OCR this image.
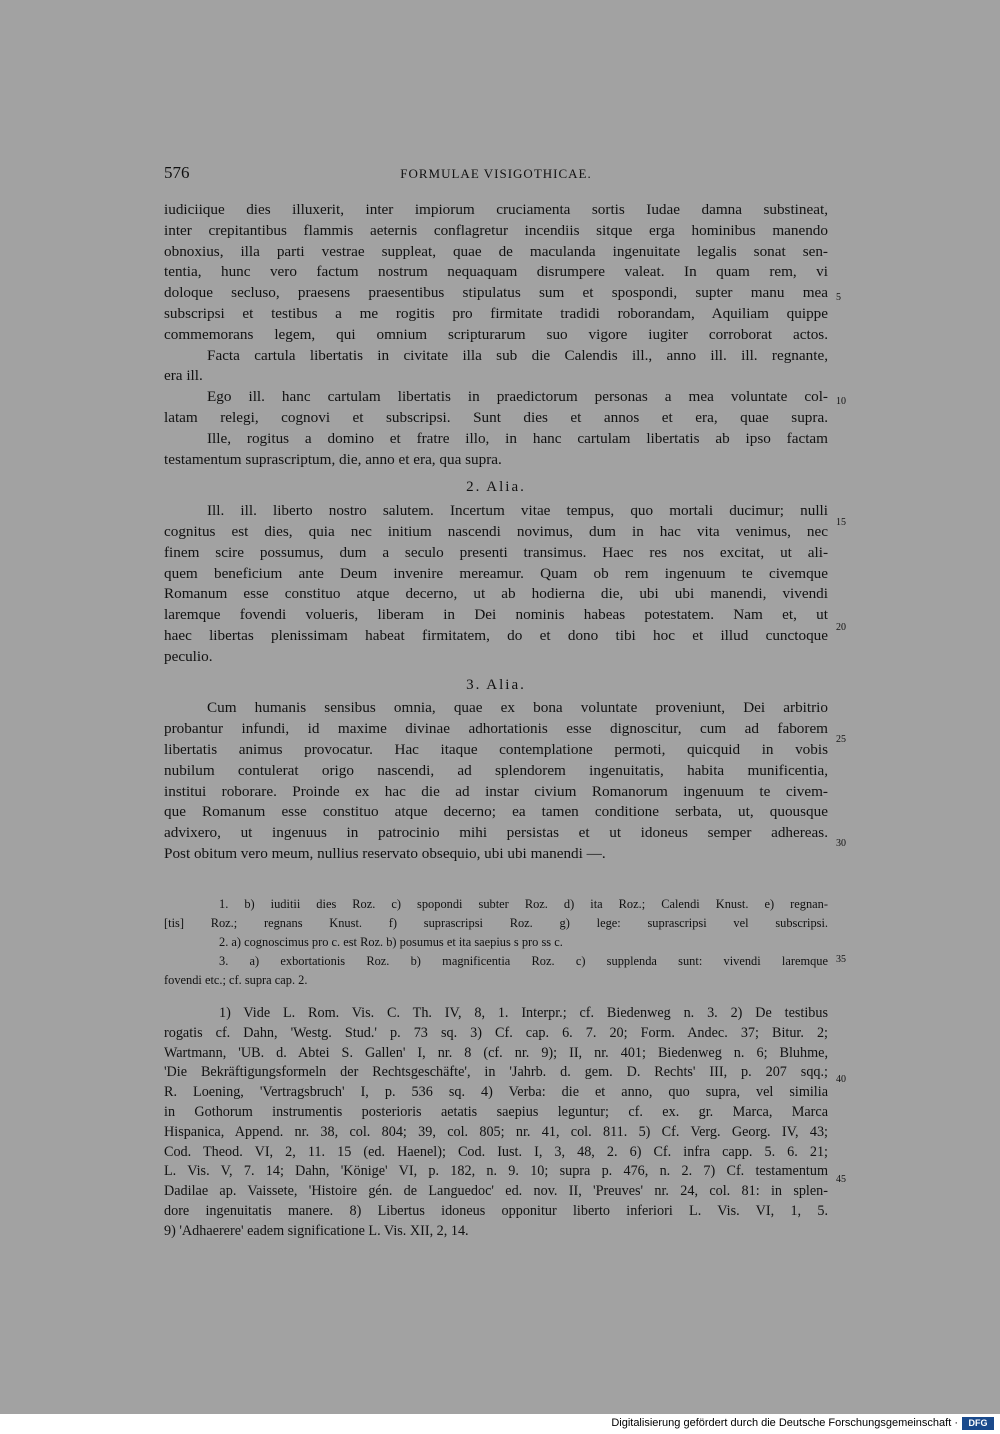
576	FORMULAE VISIGOTHICAE.
iudiciique dies illuxerit, inter impiorum cruciamenta sortis Iudae damna substineat,
inter crepitantibus flammis aeternis conflagretur incendiis sitque erga hominibus manendo
obnoxius, illa parti vestrae suppleat, quae de maculanda ingenuitate legalis sonat sen-
tentia, hunc vero factum nostrum nequaquam disrumpere valeat. In quam rem, vi
doloque secluso, praesens praesentibus stipulatus sum et spospondi, supter manu mea
subscripsi et testibus a me rogitis pro firmitate tradidi roborandam, Aquiliam quippe
commemorans legem, qui omnium scripturarum suo vigore iugiter corroborat actos.
Facta cartula libertatis in civitate illa sub die Calendis ill., anno ill. ill. regnante,
era ill.
Ego ill. hanc cartulam libertatis in praedictorum personas a mea voluntate col-
latam relegi, cognovi et subscripsi. Sunt dies et annos et era, quae supra.
Ille, rogitus a domino et fratre illo, in hanc cartulam libertatis ab ipso factam
testamentum suprascriptum, die, anno et era, qua supra.
2. Alia.
Ill. ill. liberto nostro salutem. Incertum vitae tempus, quo mortali ducimur; nulli
cognitus est dies, quia nec initium nascendi novimus, dum in hac vita venimus, nec
finem scire possumus, dum a seculo presenti transimus. Haec res nos excitat, ut ali-
quem beneficium ante Deum invenire mereamur. Quam ob rem ingenuum te civemque
Romanum esse constituo atque decerno, ut ab hodierna die, ubi ubi manendi, vivendi
laremque fovendi volueris, liberam in Dei nominis habeas potestatem. Nam et, ut
haec libertas plenissimam habeat firmitatem, do et dono tibi hoc et illud cunctoque
peculio.
3. Alia.
Cum humanis sensibus omnia, quae ex bona voluntate proveniunt, Dei arbitrio
probantur infundi, id maxime divinae adhortationis esse dignoscitur, cum ad faborem
libertatis animus provocatur. Hac itaque contemplatione permoti, quicquid in vobis
nubilum contulerat origo nascendi, ad splendorem ingenuitatis, habita munificentia,
institui roborare. Proinde ex hac die ad instar civium Romanorum ingenuum te civem-
que Romanum esse constituo atque decerno; ea tamen conditione serbata, ut, quousque
advixero, ut ingenuus in patrocinio mihi persistas et ut idoneus semper adhereas.
Post obitum vero meum, nullius reservato obsequio, ubi ubi manendi —.
5
10
15
20
25
30
35
40
45
1. b) iuditii dies Roz. c) spopondi subter Roz. d) ita Roz.; Calendi Knust. e) regnan-
[tis] Roz.; regnans Knust. f) suprascripsi Roz. g) lege: suprascripsi vel subscripsi.
2. a) cognoscimus pro c. est Roz. b) posumus et ita saepius s pro ss c.
3. a) exbortationis Roz. b) magnificentia Roz. c) supplenda sunt: vivendi laremque
fovendi etc.; cf. supra cap. 2.
1) Vide L. Rom. Vis. C. Th. IV, 8, 1. Interpr.; cf. Biedenweg n. 3. 2) De testibus
rogatis cf. Dahn, 'Westg. Stud.' p. 73 sq. 3) Cf. cap. 6. 7. 20; Form. Andec. 37; Bitur. 2;
Wartmann, 'UB. d. Abtei S. Gallen' I, nr. 8 (cf. nr. 9); II, nr. 401; Biedenweg n. 6; Bluhme,
'Die Bekräftigungsformeln der Rechtsgeschäfte', in 'Jahrb. d. gem. D. Rechts' III, p. 207 sqq.;
R. Loening, 'Vertragsbruch' I, p. 536 sq. 4) Verba: die et anno, quo supra, vel similia
in Gothorum instrumentis posterioris aetatis saepius leguntur; cf. ex. gr. Marca, Marca
Hispanica, Append. nr. 38, col. 804; 39, col. 805; nr. 41, col. 811. 5) Cf. Verg. Georg. IV, 43;
Cod. Theod. VI, 2, 11. 15 (ed. Haenel); Cod. Iust. I, 3, 48, 2. 6) Cf. infra capp. 5. 6. 21;
L. Vis. V, 7. 14; Dahn, 'Könige' VI, p. 182, n. 9. 10; supra p. 476, n. 2. 7) Cf. testamentum
Dadilae ap. Vaissete, 'Histoire gén. de Languedoc' ed. nov. II, 'Preuves' nr. 24, col. 81: in splen-
dore ingenuitatis manere. 8) Libertus idoneus opponitur liberto inferiori L. Vis. VI, 1, 5.
9) 'Adhaerere' eadem significatione L. Vis. XII, 2, 14.
Digitalisierung gefördert durch die Deutsche Forschungsgemeinschaft ·	DFG
